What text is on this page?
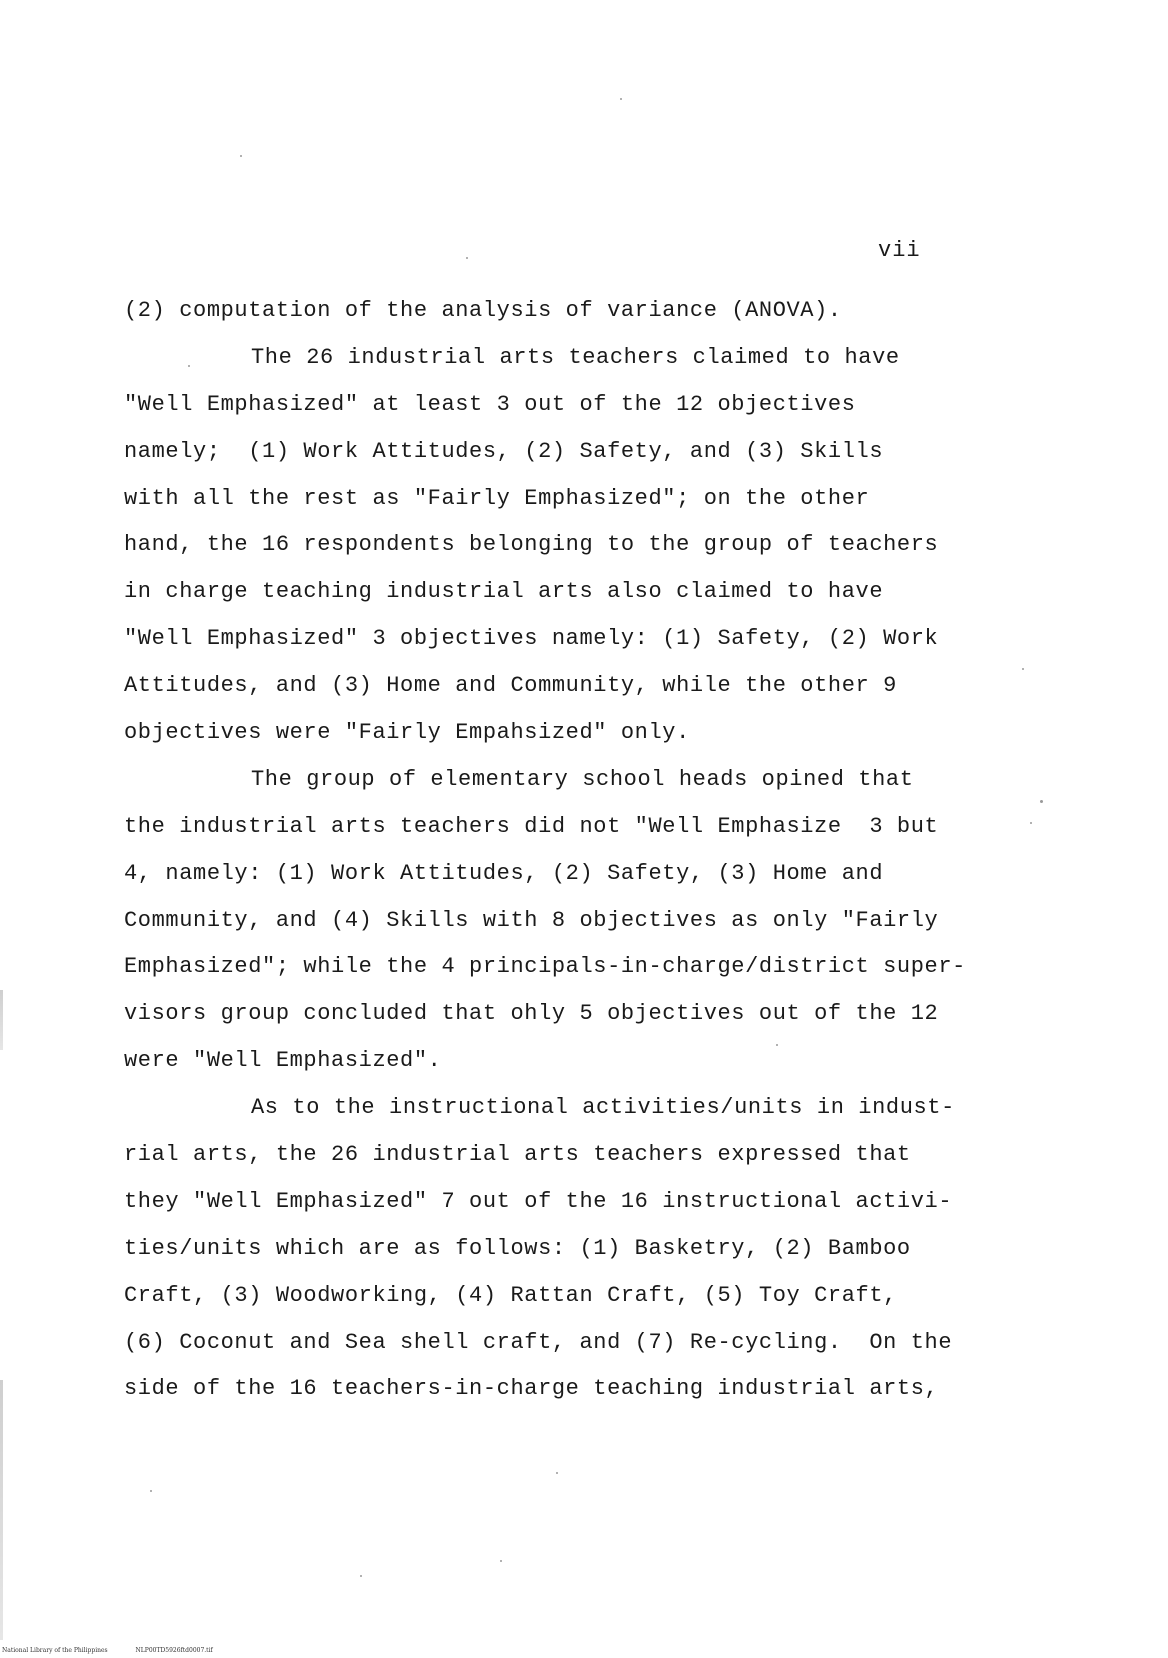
vii
(2) computation of the analysis of variance (ANOVA).
The 26 industrial arts teachers claimed to have
"Well Emphasized" at least 3 out of the 12 objectives
namely;  (1) Work Attitudes, (2) Safety, and (3) Skills
with all the rest as "Fairly Emphasized"; on the other
hand, the 16 respondents belonging to the group of teachers
in charge teaching industrial arts also claimed to have
"Well Emphasized" 3 objectives namely: (1) Safety, (2) Work
Attitudes, and (3) Home and Community, while the other 9
objectives were "Fairly Empahsized" only.
The group of elementary school heads opined that
the industrial arts teachers did not "Well Emphasize  3 but
4, namely: (1) Work Attitudes, (2) Safety, (3) Home and
Community, and (4) Skills with 8 objectives as only "Fairly
Emphasized"; while the 4 principals-in-charge/district super-
visors group concluded that ohly 5 objectives out of the 12
were "Well Emphasized".
As to the instructional activities/units in indust-
rial arts, the 26 industrial arts teachers expressed that
they "Well Emphasized" 7 out of the 16 instructional activi-
ties/units which are as follows: (1) Basketry, (2) Bamboo
Craft, (3) Woodworking, (4) Rattan Craft, (5) Toy Craft,
(6) Coconut and Sea shell craft, and (7) Re-cycling.  On the
side of the 16 teachers-in-charge teaching industrial arts,
National Library of the Philippines	NLP00TD5926ftd0007.tif
